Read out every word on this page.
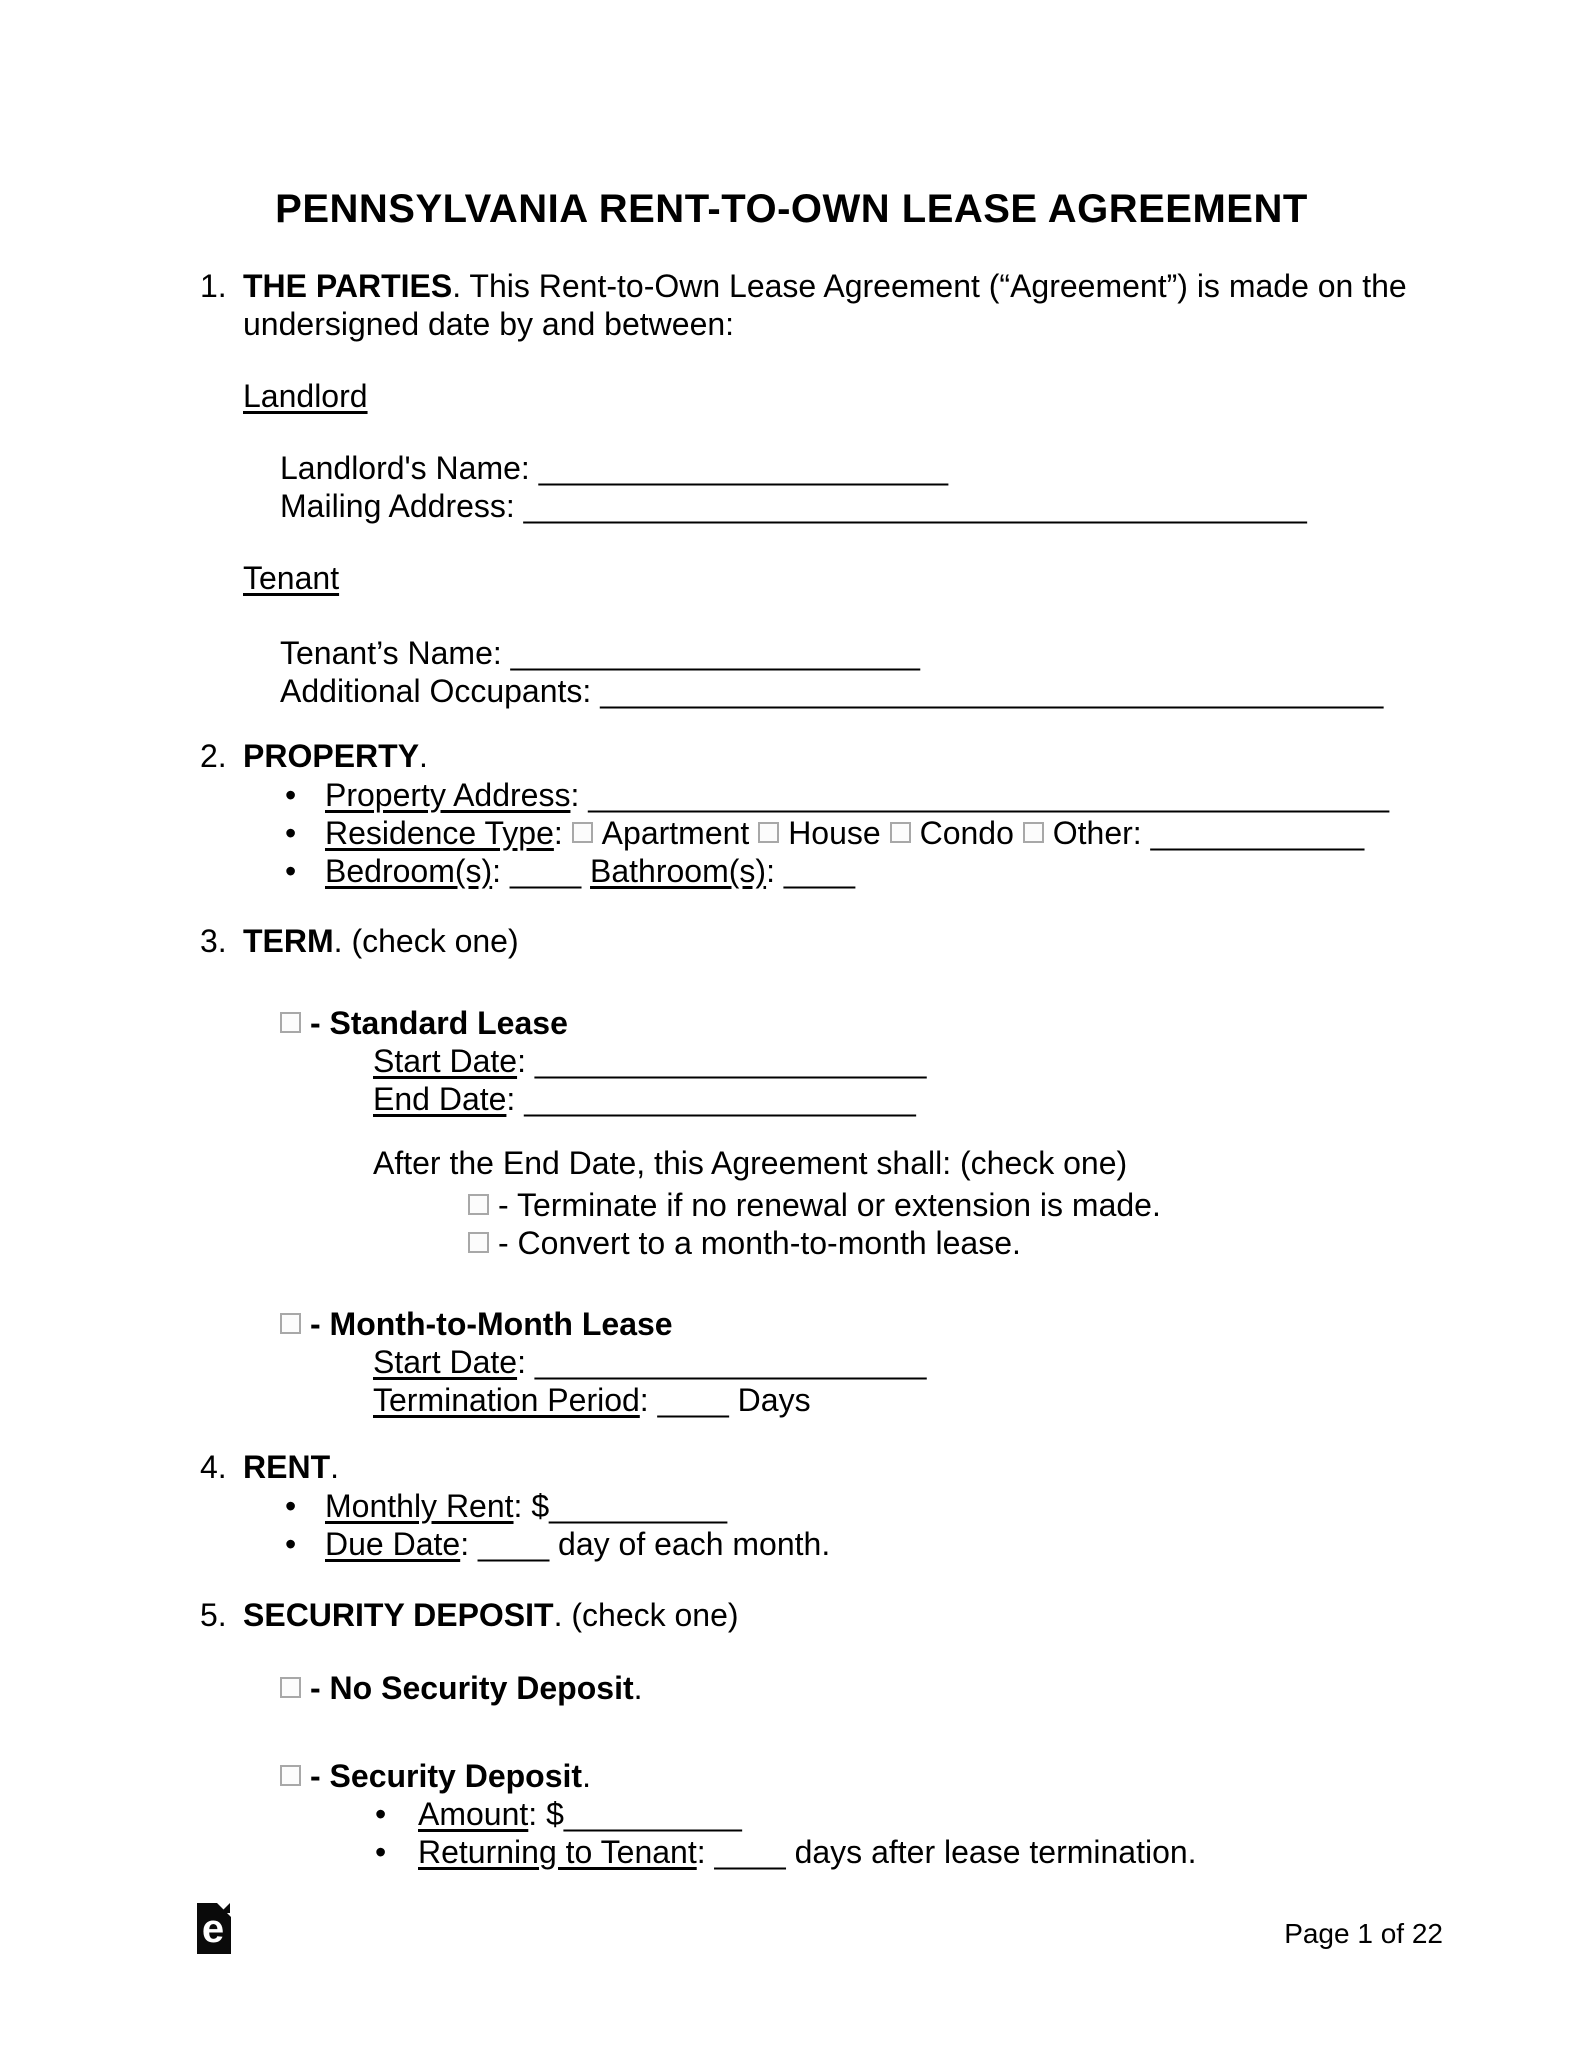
PENNSYLVANIA RENT-TO-OWN LEASE AGREEMENT
1. THE PARTIES. This Rent-to-Own Lease Agreement (“Agreement”) is made on the
undersigned date by and between:
Landlord
Landlord's Name: _______________________
Mailing Address: ____________________________________________
Tenant
Tenant’s Name: _______________________
Additional Occupants: ____________________________________________
2. PROPERTY.
• Property Address: _____________________________________________
• Residence Type: Apartment House Condo Other: ____________
• Bedroom(s): ____ Bathroom(s): ____
3. TERM. (check one)
- Standard Lease
Start Date: ______________________
End Date: ______________________
After the End Date, this Agreement shall: (check one)
- Terminate if no renewal or extension is made.
- Convert to a month-to-month lease.
- Month-to-Month Lease
Start Date: ______________________
Termination Period: ____ Days
4. RENT.
• Monthly Rent: $__________
• Due Date: ____ day of each month.
5. SECURITY DEPOSIT. (check one)
- No Security Deposit.
- Security Deposit.
• Amount: $__________
• Returning to Tenant: ____ days after lease termination.
e	Page 1 of 22
